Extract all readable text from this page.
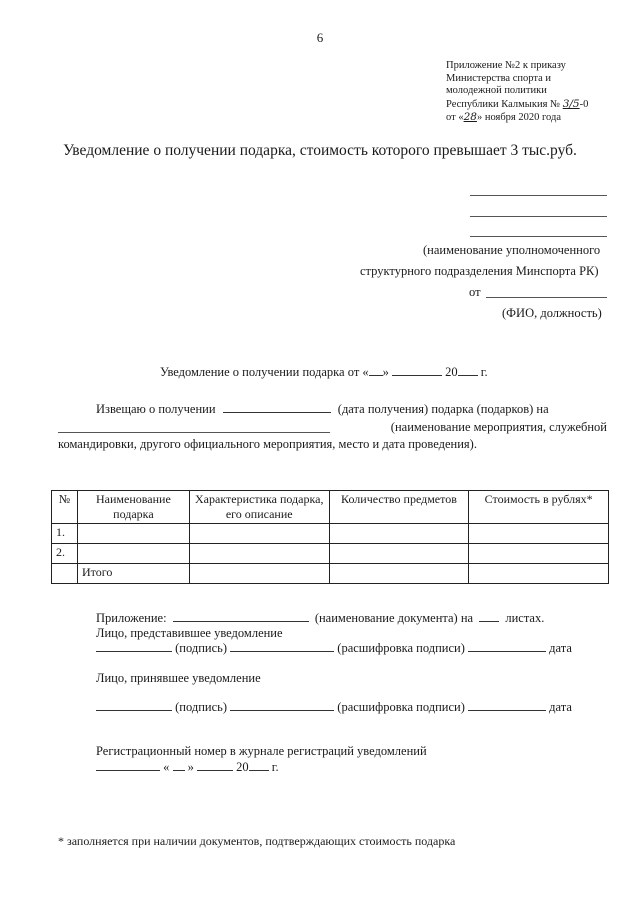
6
Приложение №2 к приказу
Министерства спорта и
молодежной политики
Республики Калмыкия № 3/5-0
от «28» ноября 2020 года
Уведомление о получении подарка, стоимость которого превышает 3 тыс.руб.
(наименование уполномоченного
структурного подразделения Минспорта РК)
от
(ФИО, должность)
Уведомление о получении подарка от « »	20 г.
Извещаю о получении	(дата получения) подарка (подарков) на
(наименование мероприятия, служебной
командировки, другого официального мероприятия, место и дата проведения).
№	Наименование подарка	Характеристика подарка, его описание	Количество предметов	Стоимость в рублях*
1.				
2.				
	Итого			
Приложение:	(наименование документа) на	листах.
Лицо, представившее уведомление
(подпись)	(расшифровка подписи)	дата
Лицо, принявшее уведомление
(подпись)	(расшифровка подписи)	дата
Регистрационный номер в журнале регистраций уведомлений
« »	20 г.
* заполняется при наличии документов, подтверждающих стоимость подарка
